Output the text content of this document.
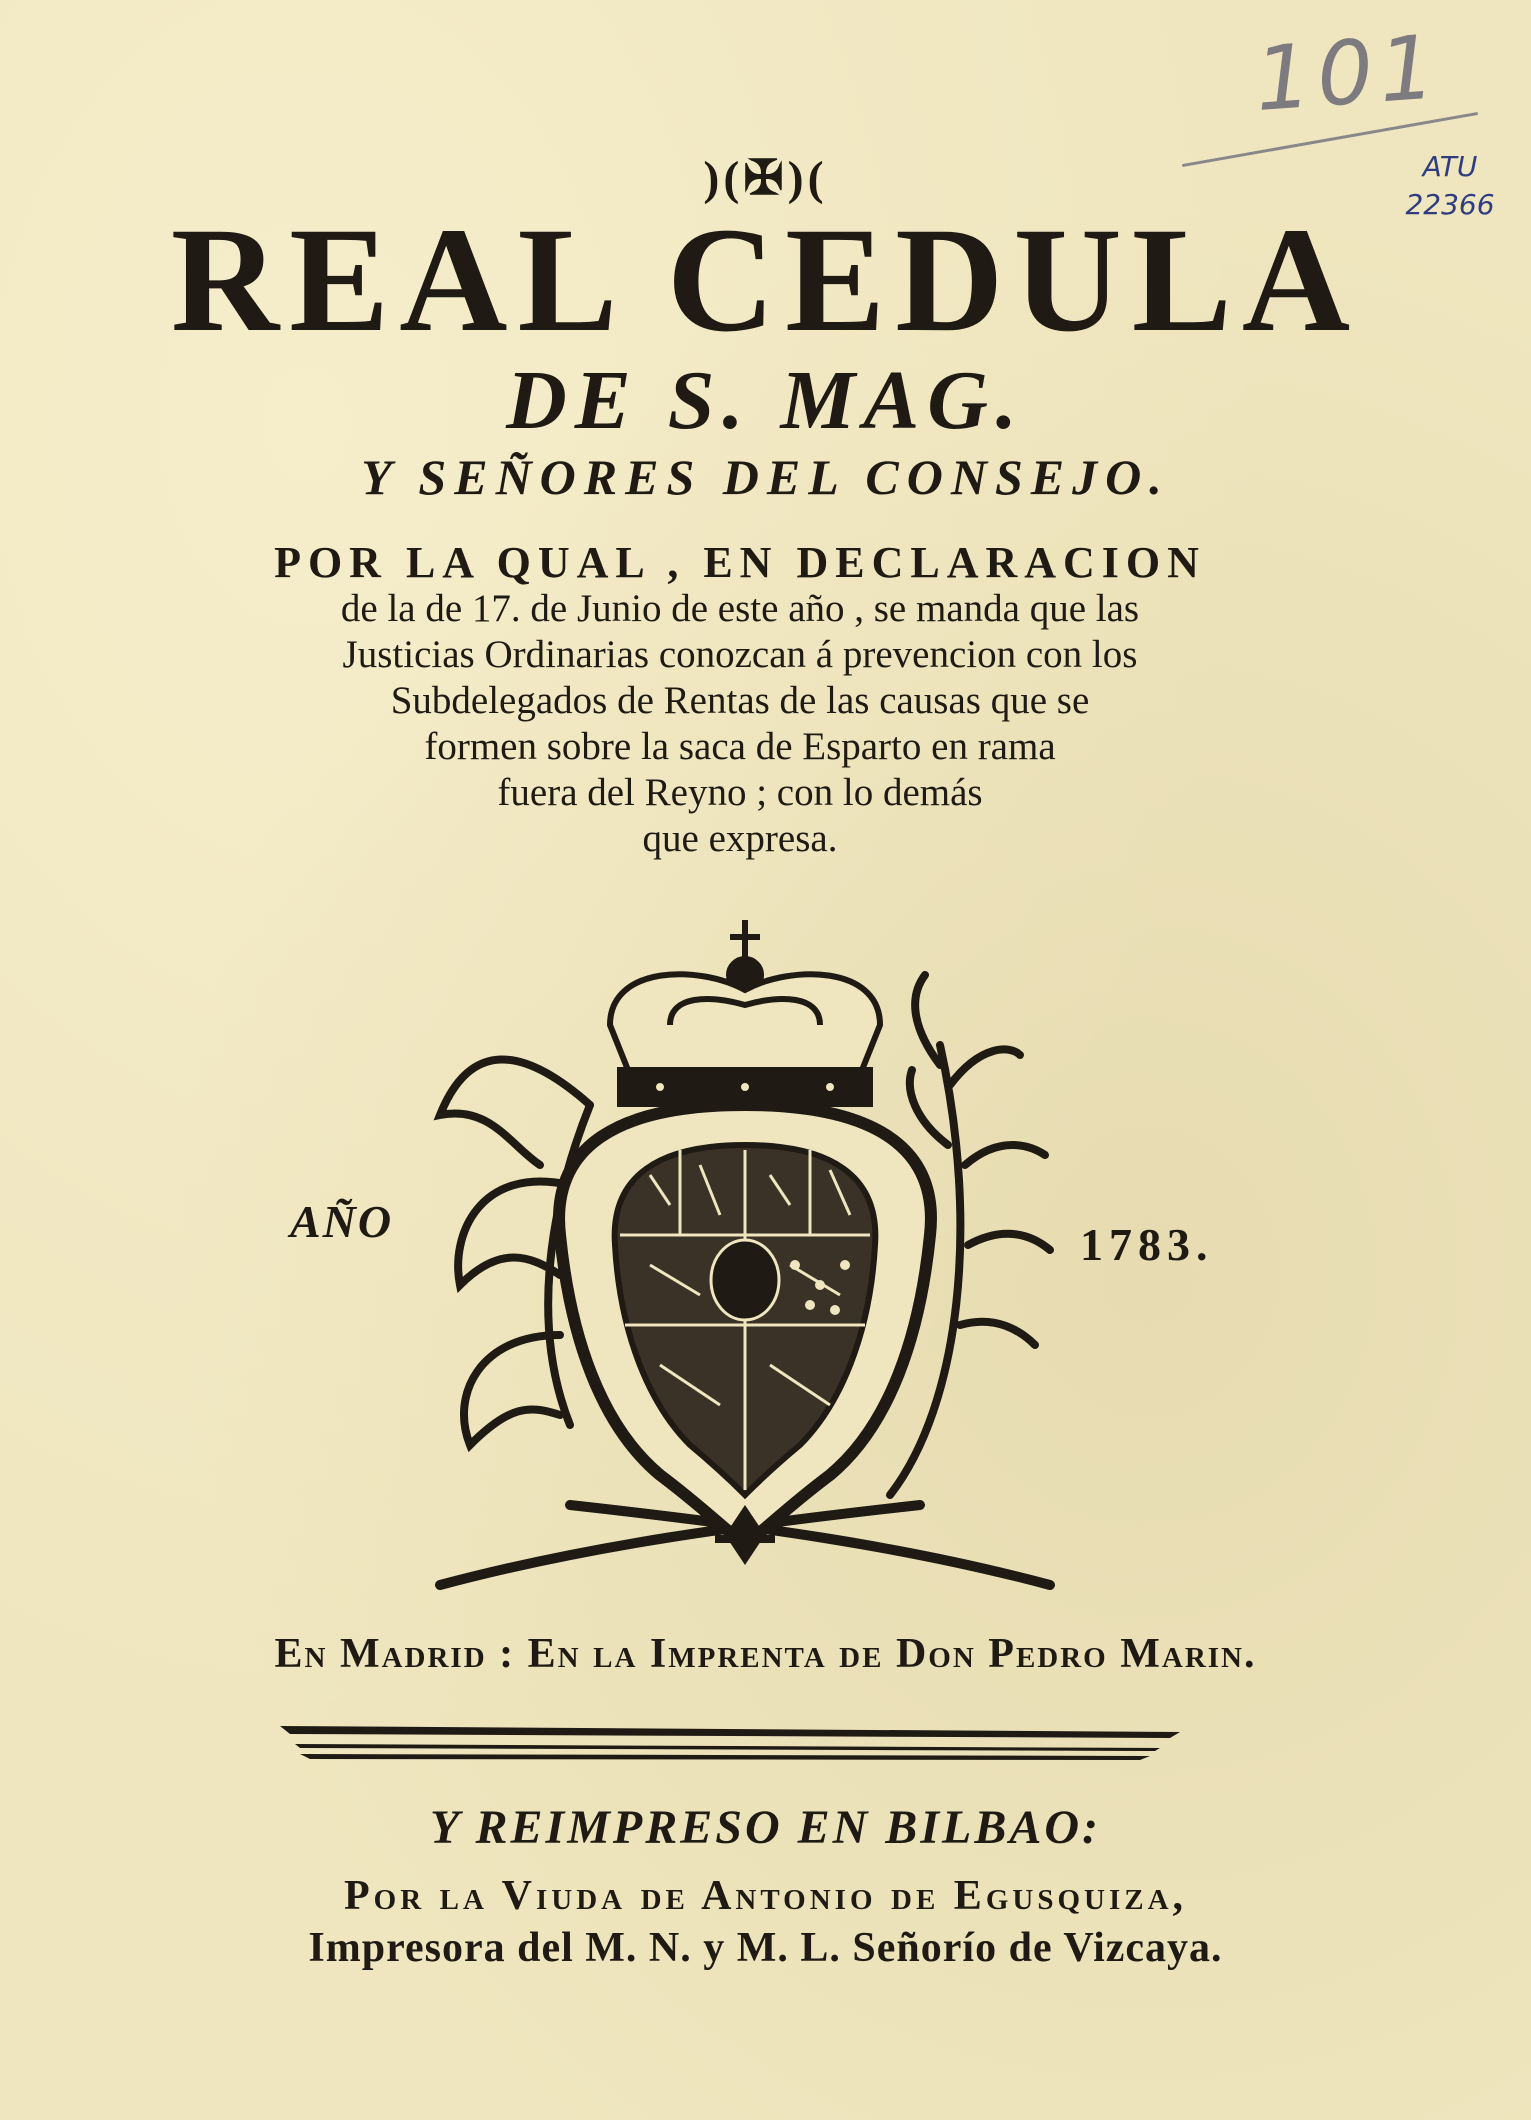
101
ATU
22366
)(✠)(
REAL CEDULA
DE S. MAG.
Y SEÑORES DEL CONSEJO.
POR LA QUAL , EN DECLARACION
de la de 17. de Junio de este año , se manda que las
Justicias Ordinarias conozcan á prevencion con los
Subdelegados de Rentas de las causas que se
formen sobre la saca de Esparto en rama
fuera del Reyno ; con lo demás
que expresa.
AÑO	1783.
En Madrid : En la Imprenta de Don Pedro Marin.
Y REIMPRESO EN BILBAO:
Por la Viuda de Antonio de Egusquiza,
Impresora del M. N. y M. L. Señorío de Vizcaya.
